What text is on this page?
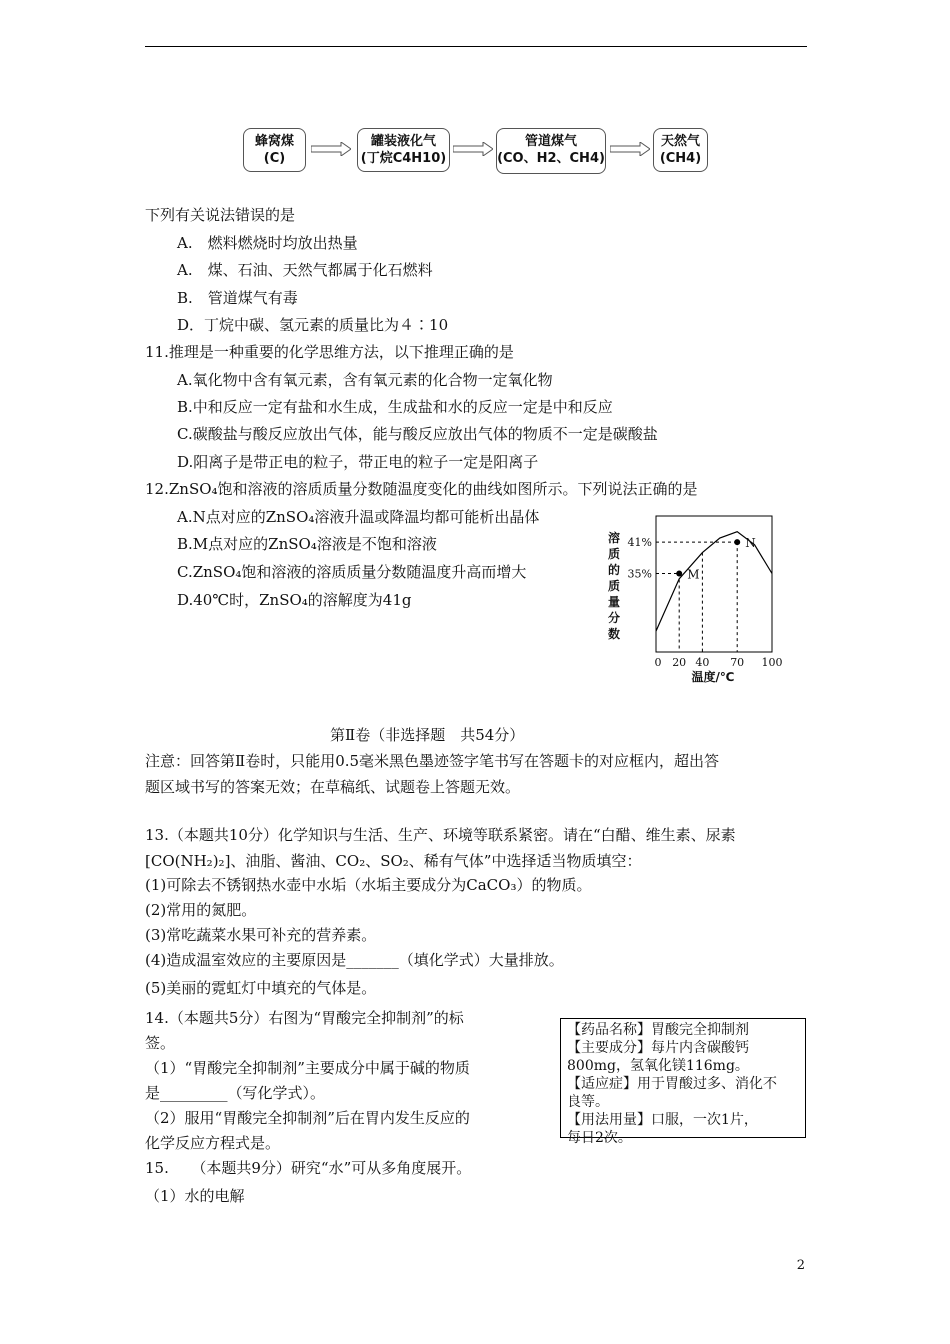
蜂窝煤
(C)
罐装液化气
(丁烷C4H10)
管道煤气
(CO、H2、CH4)
天然气
(CH4)
下列有关说法错误的是
A.　燃料燃烧时均放出热量
A.　煤、石油、天然气都属于化石燃料
B.　管道煤气有毒
D．丁烷中碳、氢元素的质量比为４∶10
11.推理是一种重要的化学思维方法，以下推理正确的是
A.氧化物中含有氧元素，含有氧元素的化合物一定氧化物
B.中和反应一定有盐和水生成，生成盐和水的反应一定是中和反应
C.碳酸盐与酸反应放出气体，能与酸反应放出气体的物质不一定是碳酸盐
D.阳离子是带正电的粒子，带正电的粒子一定是阳离子
12.ZnSO₄饱和溶液的溶质质量分数随温度变化的曲线如图所示。下列说法正确的是
A.N点对应的ZnSO₄溶液升温或降温均都可能析出晶体
B.M点对应的ZnSO₄溶液是不饱和溶液
C.ZnSO₄饱和溶液的溶质质量分数随温度升高而增大
D.40℃时，ZnSO₄的溶解度为41g
溶
质
的
质
量
分
数
M
N
35%
41%
0 20 40 70 100
温度/℃
第Ⅱ卷（非选择题　共54分）
注意：回答第Ⅱ卷时，只能用0.5毫米黑色墨迹签字笔书写在答题卡的对应框内，超出答
题区域书写的答案无效；在草稿纸、试题卷上答题无效。
13.（本题共10分）化学知识与生活、生产、环境等联系紧密。请在“白醋、维生素、尿素
[CO(NH₂)₂]、油脂、酱油、CO₂、SO₂、稀有气体”中选择适当物质填空：
(1)可除去不锈钢热水壶中水垢（水垢主要成分为CaCO₃）的物质。
(2)常用的氮肥。
(3)常吃蔬菜水果可补充的营养素。
(4)造成温室效应的主要原因是_______（填化学式）大量排放。
(5)美丽的霓虹灯中填充的气体是。
14.（本题共5分）右图为“胃酸完全抑制剂”的标
签。
（1）“胃酸完全抑制剂”主要成分中属于碱的物质
是_________（写化学式）。
（2）服用“胃酸完全抑制剂”后在胃内发生反应的
化学反应方程式是。
【药品名称】胃酸完全抑制剂
【主要成分】每片内含碳酸钙
800mg，氢氧化镁116mg。
【适应症】用于胃酸过多、消化不
良等。
【用法用量】口服，一次1片，
每日2次。
15.　　（本题共9分）研究“水”可从多角度展开。
（1）水的电解
2
